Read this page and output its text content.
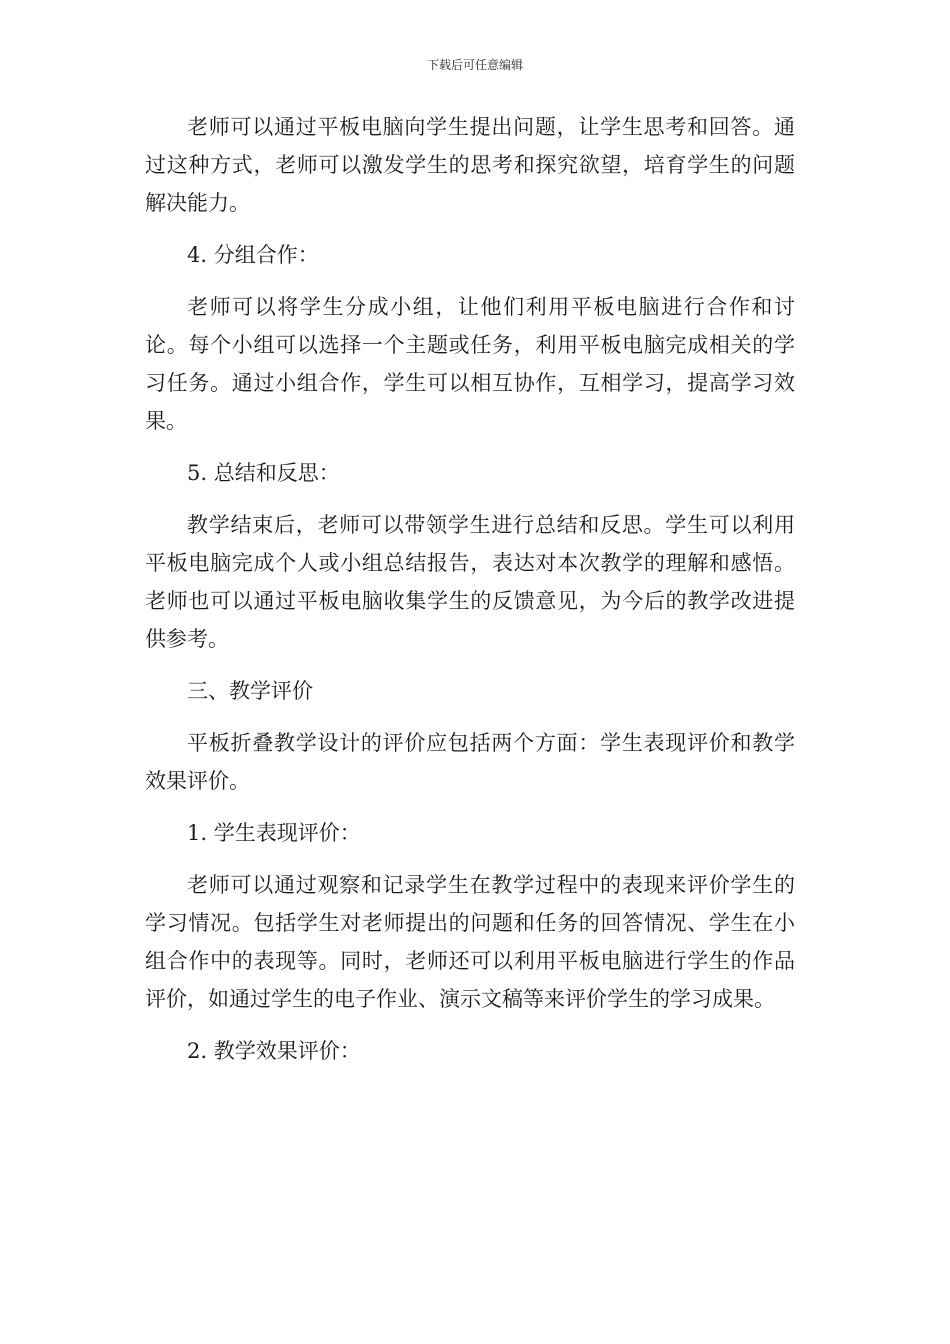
下载后可任意编辑

老师可以通过平板电脑向学生提出问题，让学生思考和回答。通过这种方式，老师可以激发学生的思考和探究欲望，培育学生的问题解决能力。

4. 分组合作：

老师可以将学生分成小组，让他们利用平板电脑进行合作和讨论。每个小组可以选择一个主题或任务，利用平板电脑完成相关的学习任务。通过小组合作，学生可以相互协作，互相学习，提高学习效果。

5. 总结和反思：

教学结束后，老师可以带领学生进行总结和反思。学生可以利用平板电脑完成个人或小组总结报告，表达对本次教学的理解和感悟。老师也可以通过平板电脑收集学生的反馈意见，为今后的教学改进提供参考。

三、教学评价

平板折叠教学设计的评价应包括两个方面：学生表现评价和教学效果评价。

1. 学生表现评价：

老师可以通过观察和记录学生在教学过程中的表现来评价学生的学习情况。包括学生对老师提出的问题和任务的回答情况、学生在小组合作中的表现等。同时，老师还可以利用平板电脑进行学生的作品评价，如通过学生的电子作业、演示文稿等来评价学生的学习成果。

2. 教学效果评价：
